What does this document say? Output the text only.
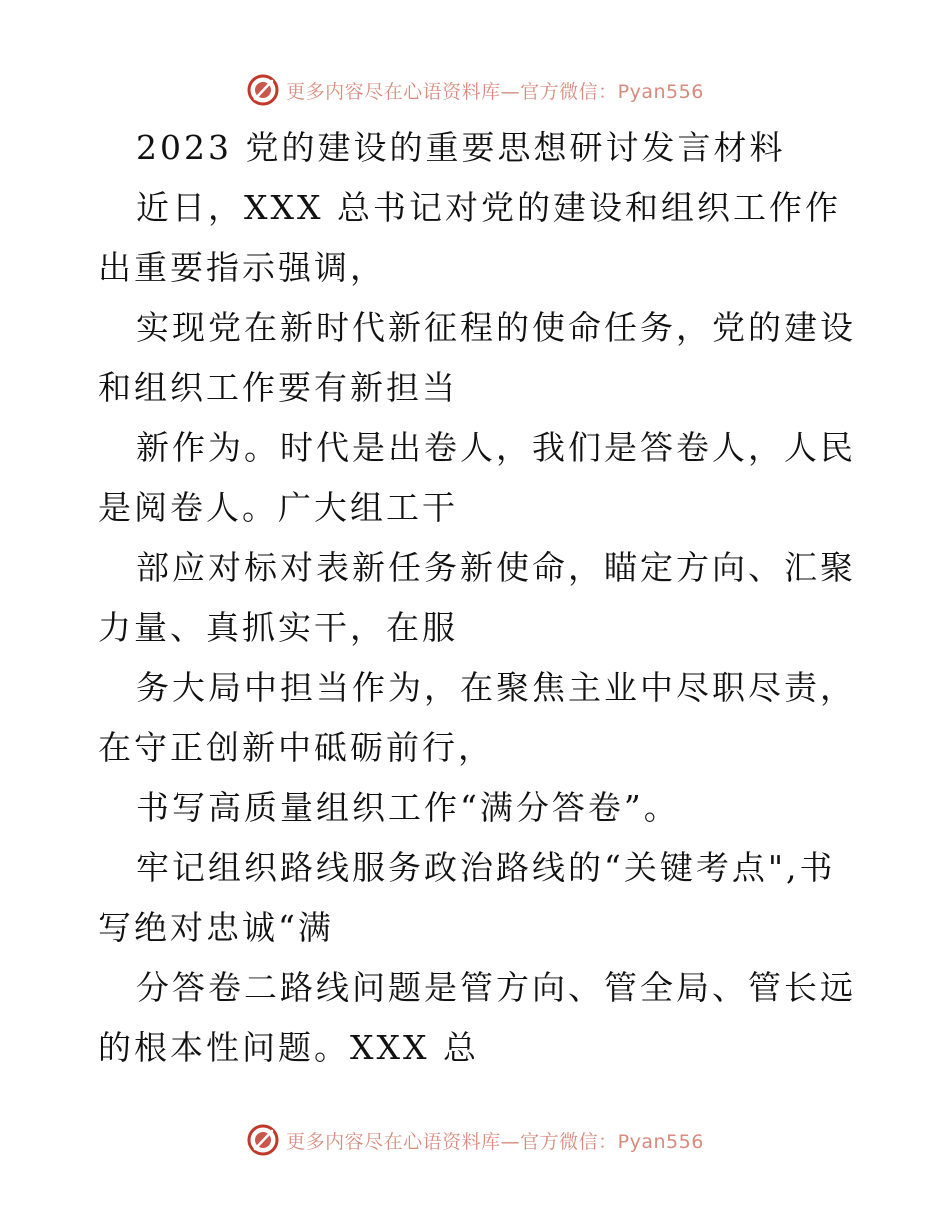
更多内容尽在心语资料库—官方微信：Pyan556

2023 党的建设的重要思想研讨发言材料

近日，XXX 总书记对党的建设和组织工作作出重要指示强调，

实现党在新时代新征程的使命任务，党的建设和组织工作要有新担当

新作为。时代是出卷人，我们是答卷人，人民是阅卷人。广大组工干

部应对标对表新任务新使命，瞄定方向、汇聚力量、真抓实干，在服

务大局中担当作为，在聚焦主业中尽职尽责，在守正创新中砥砺前行，

书写高质量组织工作“满分答卷”。

牢记组织路线服务政治路线的“关键考点",书写绝对忠诚“满

分答卷二路线问题是管方向、管全局、管长远的根本性问题。XXX 总

更多内容尽在心语资料库—官方微信：Pyan556
